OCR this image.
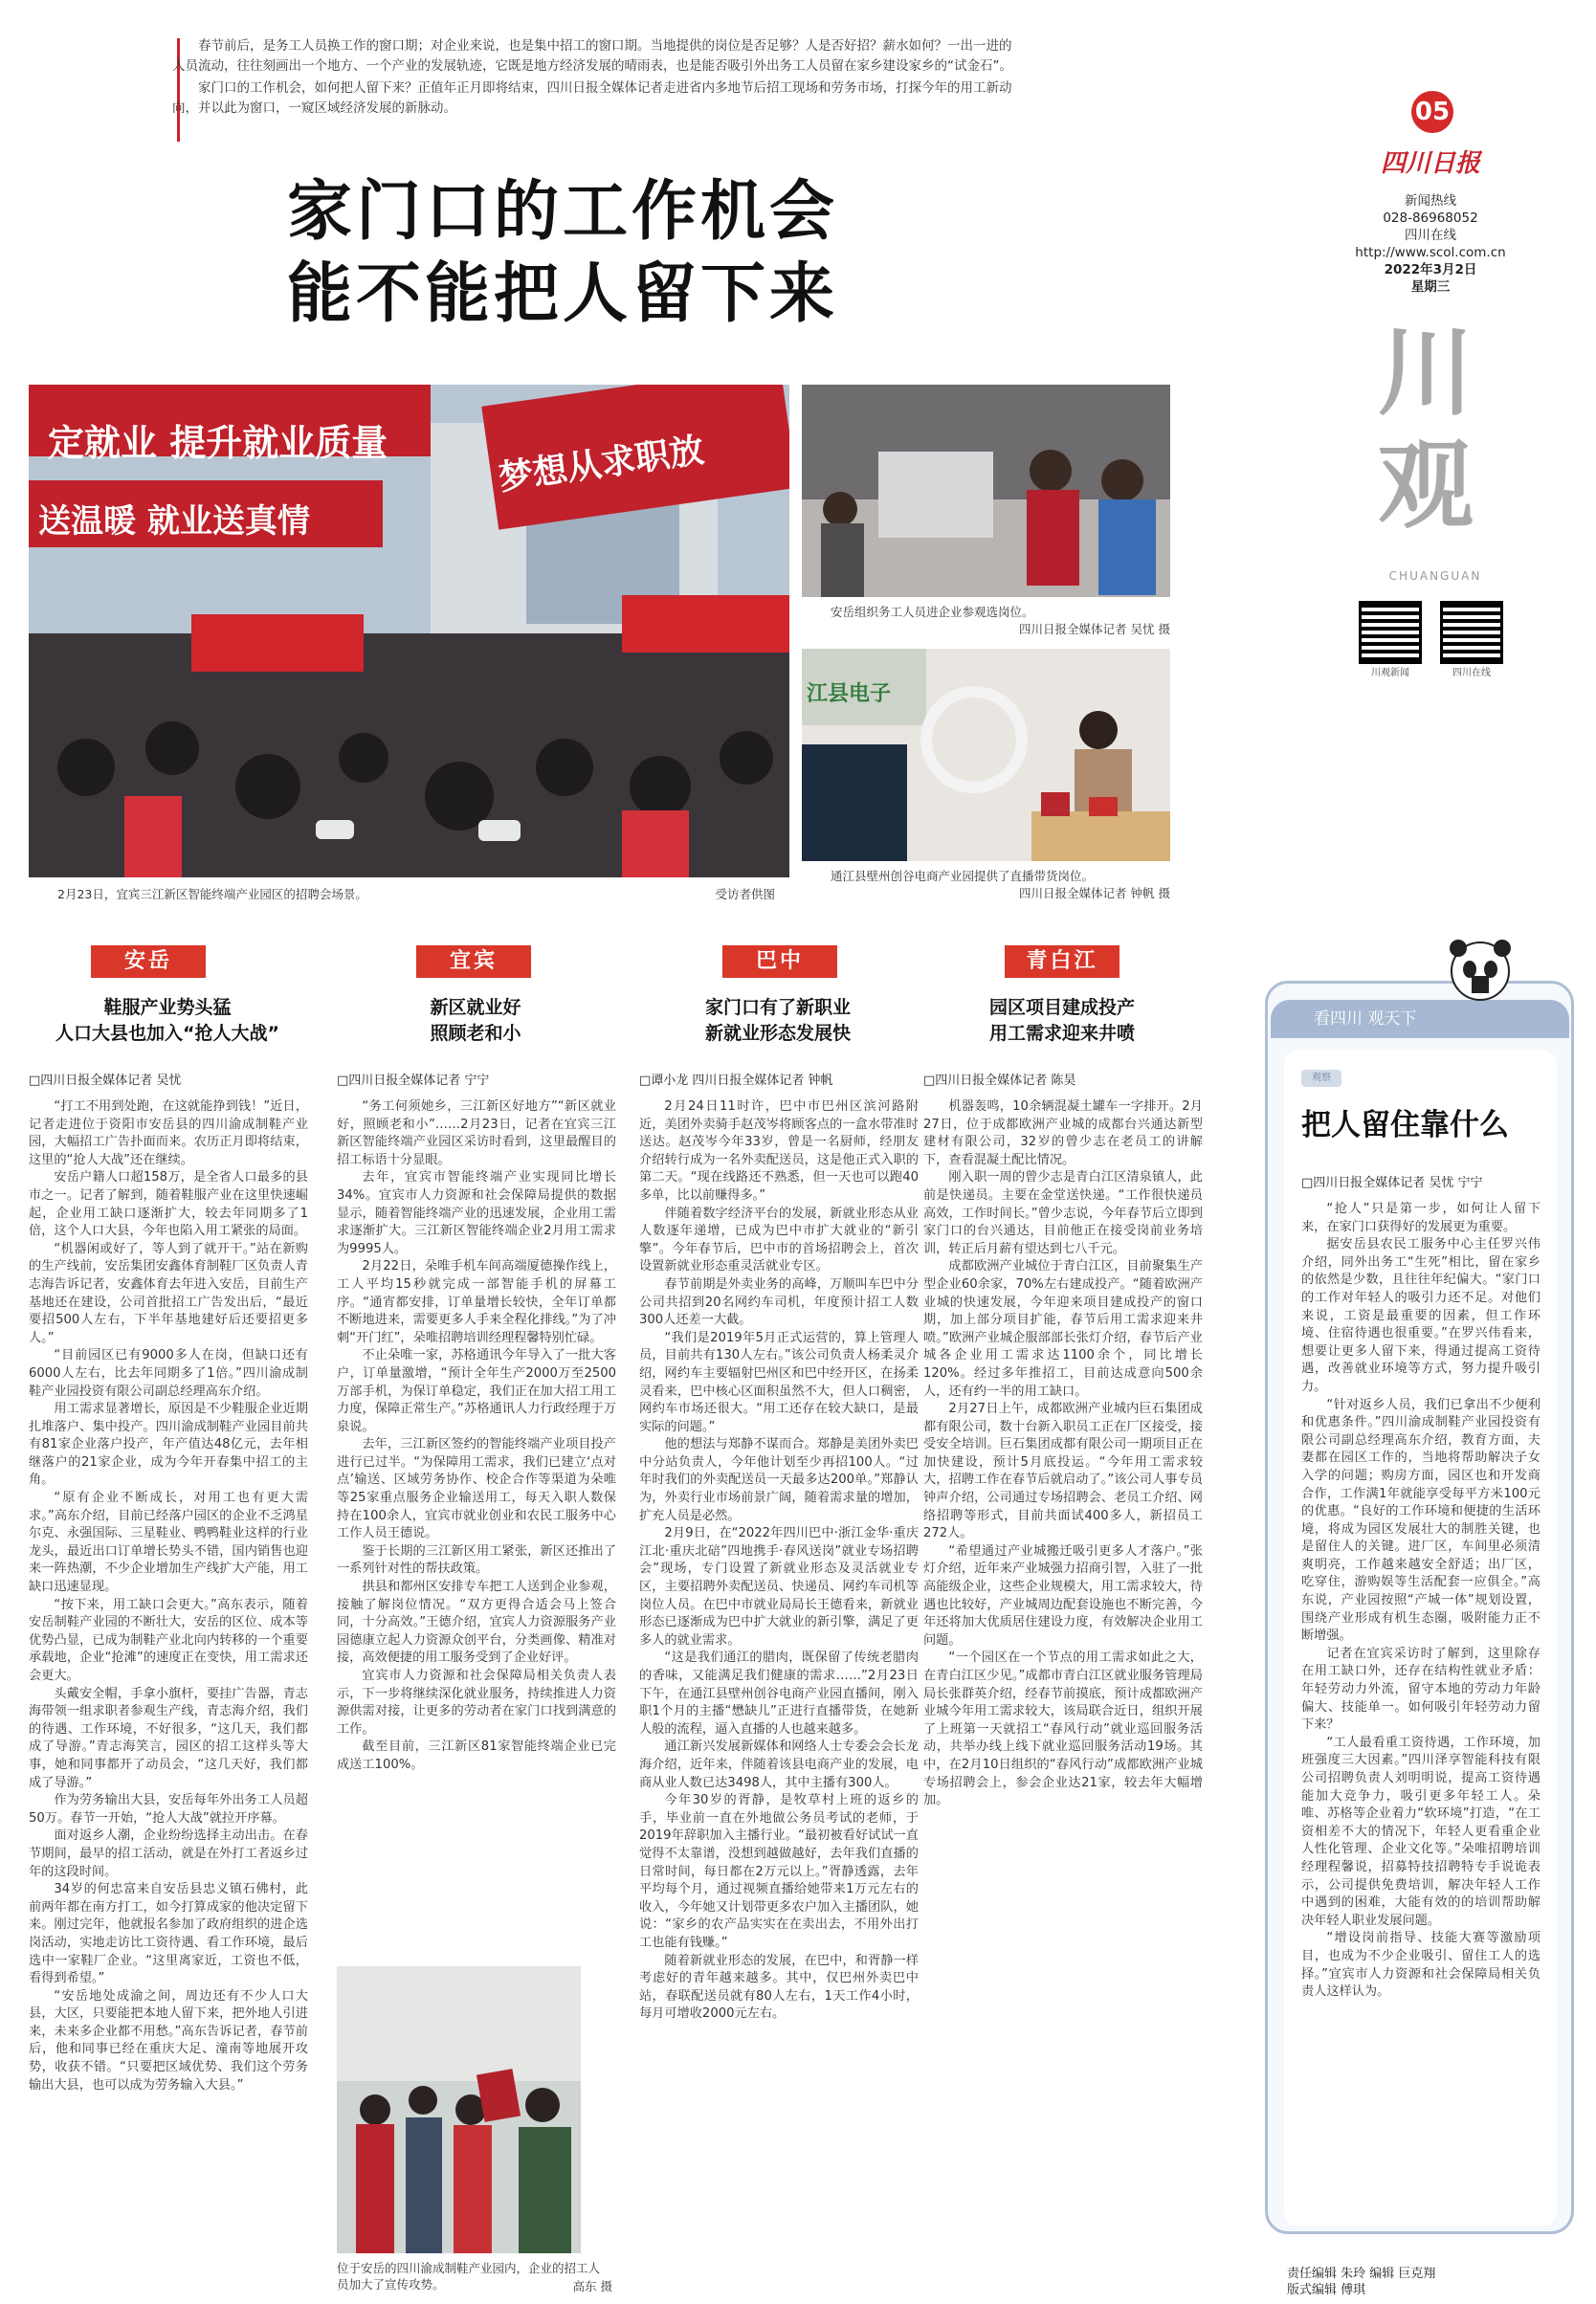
春节前后，是务工人员换工作的窗口期；对企业来说，也是集中招工的窗口期。当地提供的岗位是否足够？人是否好招？薪水如何？一出一进的人员流动，往往刻画出一个地方、一个产业的发展轨迹，它既是地方经济发展的晴雨表，也是能否吸引外出务工人员留在家乡建设家乡的“试金石”。

家门口的工作机会，如何把人留下来？正值年正月即将结束，四川日报全媒体记者走进省内多地节后招工现场和劳务市场，打探今年的用工新动向，并以此为窗口，一窥区域经济发展的新脉动。

家门口的工作机会
能不能把人留下来
05
四川日报
新闻热线
028-86968052
四川在线
http://www.scol.com.cn
2022年3月2日
星期三
川观
CHUANGUAN
川观新闻	四川在线
定就业 提升就业质量
送温暖 就业送真情
梦想从求职放
2月23日，宜宾三江新区智能终端产业园区的招聘会场景。	受访者供图
安岳组织务工人员进企业参观选岗位。
四川日报全媒体记者 吴忧 摄
江县电子
通江县壁州创谷电商产业园提供了直播带货岗位。
四川日报全媒体记者 钟帆 摄
安岳	宜宾	巴中	青白江
鞋服产业势头猛
人口大县也加入“抢人大战”
新区就业好
照顾老和小
家门口有了新职业
新就业形态发展快
园区项目建成投产
用工需求迎来井喷
□四川日报全媒体记者 吴忧	□四川日报全媒体记者 宁宁	□谭小龙 四川日报全媒体记者 钟帆	□四川日报全媒体记者 陈昊

“打工不用到处跑，在这就能挣到钱！”近日，记者走进位于资阳市安岳县的四川渝成制鞋产业园，大幅招工广告扑面而来。农历正月即将结束，这里的“抢人大战”还在继续。

安岳户籍人口超158万，是全省人口最多的县市之一。记者了解到，随着鞋服产业在这里快速崛起，企业用工缺口逐渐扩大，较去年同期多了1倍，这个人口大县，今年也陷入用工紧张的局面。

“机器闲或好了，等人到了就开干。”站在新购的生产线前，安岳集团安鑫体育制鞋厂区负责人青志海告诉记者，安鑫体育去年进入安岳，目前生产基地还在建设，公司首批招工广告发出后，“最近要招500人左右，下半年基地建好后还要招更多人。”

“目前园区已有9000多人在岗，但缺口还有6000人左右，比去年同期多了1倍。”四川渝成制鞋产业园投资有限公司副总经理高东介绍。

用工需求显著增长，原因是不少鞋服企业近期扎堆落户、集中投产。四川渝成制鞋产业园目前共有81家企业落户投产，年产值达48亿元，去年相继落户的21家企业，成为今年开春集中招工的主角。

“原有企业不断成长，对用工也有更大需求。”高东介绍，目前已经落户园区的企业不乏鸿星尔克、永强国际、三星鞋业、鸭鸭鞋业这样的行业龙头，最近出口订单增长势头不错，国内销售也迎来一阵热潮，不少企业增加生产线扩大产能，用工缺口迅速显现。

“按下来，用工缺口会更大。”高东表示，随着安岳制鞋产业园的不断壮大，安岳的区位、成本等优势凸显，已成为制鞋产业北向内转移的一个重要承载地，企业“抢滩”的速度正在变快，用工需求还会更大。

头戴安全帽，手拿小旗杆，要挂广告器，青志海带领一组求职者参观生产线，青志海介绍，我们的待遇、工作环境，不好很多，“这几天，我们都成了导游。”青志海笑言，园区的招工这样头等大事，她和同事都开了动员会，“这几天好，我们都成了导游。”

作为劳务输出大县，安岳每年外出务工人员超50万。春节一开始，“抢人大战”就拉开序幕。

面对返乡人潮，企业纷纷选择主动出击。在春节期间，最早的招工活动，就是在外打工者返乡过年的这段时间。

34岁的何忠富来自安岳县忠义镇石佛村，此前两年都在南方打工，如今打算成家的他决定留下来。刚过完年，他就报名参加了政府组织的进企选岗活动，实地走访比工资待遇、看工作环境，最后选中一家鞋厂企业。“这里离家近，工资也不低，看得到希望。”

“安岳地处成渝之间，周边还有不少人口大县，大区，只要能把本地人留下来，把外地人引进来，未来多企业都不用愁。”高东告诉记者，春节前后，他和同事已经在重庆大足、潼南等地展开攻势，收获不错。“只要把区域优势、我们这个劳务输出大县，也可以成为劳务输入大县。”

“务工何须她乡，三江新区好地方”“新区就业好，照顾老和小”……2月23日，记者在宜宾三江新区智能终端产业园区采访时看到，这里最醒目的招工标语十分显眼。

去年，宜宾市智能终端产业实现同比增长34%。宜宾市人力资源和社会保障局提供的数据显示，随着智能终端产业的迅速发展，企业用工需求逐渐扩大。三江新区智能终端企业2月用工需求为9995人。

2月22日，朵唯手机车间高端厦德操作线上，工人平均15秒就完成一部智能手机的屏幕工序。“通宵都安排，订单量增长较快，全年订单都不断地进来，需要更多人手来全程化排线。”为了冲刺“开门红”，朵唯招聘培训经理程馨特别忙碌。

不止朵唯一家，苏格通讯今年导入了一批大客户，订单量激增，“预计全年生产2000万至2500万部手机，为保订单稳定，我们正在加大招工用工力度，保障正常生产。”苏格通讯人力行政经理于万泉说。

去年，三江新区签约的智能终端产业项目投产进行已过半。“为保障用工需求，我们已建立‘点对点’输送、区域劳务协作、校企合作等渠道为朵唯等25家重点服务企业输送用工，每天入职人数保持在100余人，宜宾市就业创业和农民工服务中心工作人员王德说。

鉴于长期的三江新区用工紧张，新区还推出了一系列针对性的帮扶政策。

拱县和都州区安排专车把工人送到企业参观，接触了解岗位情况。“双方更得合适会马上签合同，十分高效。”王德介绍，宜宾人力资源服务产业园德康立起人力资源众创平台，分类画像、精准对接，高效便捷的用工服务受到了企业好评。

宜宾市人力资源和社会保障局相关负责人表示，下一步将继续深化就业服务，持续推进人力资源供需对接，让更多的劳动者在家门口找到满意的工作。

截至目前，三江新区81家智能终端企业已完成送工100%。

2月24日11时许，巴中市巴州区滨河路附近，美团外卖骑手赵茂岑将顾客点的一盒水带准时送达。赵茂岑今年33岁，曾是一名厨师，经朋友介绍转行成为一名外卖配送员，这是他正式入职的第二天。“现在线路还不熟悉，但一天也可以跑40多单，比以前赚得多。”

伴随着数字经济平台的发展，新就业形态从业人数逐年递增，已成为巴中市扩大就业的“新引擎”。今年春节后，巴中市的首场招聘会上，首次设置新就业形态重灵活就业专区。

春节前期是外卖业务的高峰，万顺叫车巴中分公司共招到20名网约车司机，年度预计招工人数300人还差一大截。

“我们是2019年5月正式运营的，算上管理人员，目前共有130人左右。”该公司负责人杨柔灵介绍，网约车主要辐射巴州区和巴中经开区，在扬柔灵看来，巴中核心区面积虽然不大，但人口稠密，网约车市场还很大。“用工还存在较大缺口，是最实际的问题。”

他的想法与郑静不谋而合。郑静是美团外卖巴中分站负责人，今年他计划至少再招100人。“过年时我们的外卖配送员一天最多达200单。”郑静认为，外卖行业市场前景广阔，随着需求量的增加，扩充人员是必然。

2月9日，在“2022年四川巴中·浙江金华·重庆江北·重庆北碚”四地携手·春风送岗”就业专场招聘会”现场，专门设置了新就业形态及灵活就业专区，主要招聘外卖配送员、快递员、网约车司机等岗位人员。在巴中市就业局局长王德看来，新就业形态已逐渐成为巴中扩大就业的新引擎，满足了更多人的就业需求。

“这是我们通江的腊肉，既保留了传统老腊肉的香味，又能满足我们健康的需求……”2月23日下午，在通江县壁州创谷电商产业园直播间，刚入职1个月的主播“懋缺儿”正进行直播带货，在她新人般的流程，逼入直播的人也越来越多。

通江新兴发展新媒体和网络人士专委会会长龙海介绍，近年来，伴随着该县电商产业的发展，电商从业人数已达3498人，其中主播有300人。

今年30岁的胥静，是牧草村上班的返乡的手，毕业前一直在外地做公务员考试的老师，于2019年辞职加入主播行业。“最初被看好试试一直觉得不太靠谱，没想到越做越好，去年我们直播的日常时间，每日都在2万元以上。”胥静透露，去年平均每个月，通过视频直播给她带来1万元左右的收入，今年她又计划带更多农户加入主播团队，她说：“家乡的农产品实实在在卖出去，不用外出打工也能有钱赚。”

随着新就业形态的发展，在巴中，和胥静一样考虑好的青年越来越多。其中，仅巴州外卖巴中站，春联配送员就有80人左右，1天工作4小时，每月可增收2000元左右。

机器轰鸣，10余辆混凝土罐车一字排开。2月27日，位于成都欧洲产业城的成都台兴通达新型建材有限公司，32岁的曾少志在老员工的讲解下，查看混凝土配比情况。

刚入职一周的曾少志是青白江区清泉镇人，此前是快递员。主要在金堂送快递。“工作很快递员高效，工作时间长。”曾少志说，今年春节后立即到家门口的台兴通达，目前他正在接受岗前业务培训，转正后月薪有望达到七八千元。

成都欧洲产业城位于青白江区，目前聚集生产型企业60余家，70%左右建成投产。“随着欧洲产业城的快速发展，今年迎来项目建成投产的窗口期，加上部分项目扩能，春节后用工需求迎来井喷。”欧洲产业城企服部部长张灯介绍，春节后产业城各企业用工需求达1100余个，同比增长120%。经过多年推招工，目前达成意向500余人，还有约一半的用工缺口。

2月27日上午，成都欧洲产业城内巨石集团成都有限公司，数十台新入职员工正在厂区接受，接受安全培训。巨石集团成都有限公司一期项目正在加快建设，预计5月底投运。“今年用工需求较大，招聘工作在春节后就启动了。”该公司人事专员钟声介绍，公司通过专场招聘会、老员工介绍、网络招聘等形式，目前共面试400多人，新招员工272人。

“希望通过产业城搬迁吸引更多人才落户。”张灯介绍，近年来产业城强力招商引智，入驻了一批高能级企业，这些企业规模大，用工需求较大，待遇也比较好，产业城周边配套设施也不断完善，今年还将加大优质居住建设力度，有效解决企业用工问题。

“一个园区在一个节点的用工需求如此之大，在青白江区少见。”成都市青白江区就业服务管理局局长张群英介绍，经春节前摸底，预计成都欧洲产业城今年用工需求较大，该局联合近日，组织开展了上班第一天就招工“春风行动”就业巡回服务活动，共举办线上线下就业巡回服务活动19场。其中，在2月10日组织的“春风行动”成都欧洲产业城专场招聘会上，参会企业达21家，较去年大幅增加。

位于安岳的四川渝成制鞋产业园内，企业的招工人员加大了宣传攻势。	高东 摄
看四川 观天下
观察
把人留住靠什么
□四川日报全媒体记者 吴忧 宁宁

“抢人”只是第一步，如何让人留下来，在家门口获得好的发展更为重要。

据安岳县农民工服务中心主任罗兴伟介绍，同外出务工“生死”相比，留在家乡的依然是少数，且往往年纪偏大。“家门口的工作对年轻人的吸引力还不足。对他们来说，工资是最重要的因素，但工作环境、住宿待遇也很重要。”在罗兴伟看来，想要让更多人留下来，得通过提高工资待遇，改善就业环境等方式，努力提升吸引力。

“针对返乡人员，我们已拿出不少便利和优惠条件。”四川渝成制鞋产业园投资有限公司副总经理高东介绍，教育方面，夫妻都在园区工作的，当地将帮助解决子女入学的问题；购房方面，园区也和开发商合作，工作满1年就能享受每平方米100元的优惠。“良好的工作环境和便捷的生活环境，将成为园区发展壮大的制胜关键，也是留住人的关键。进厂区，车间里必须清爽明亮，工作越来越安全舒适；出厂区，吃穿住，游购娱等生活配套一应俱全。”高东说，产业园按照“产城一体”规划设置，围绕产业形成有机生态圈，吸附能力正不断增强。

记者在宜宾采访时了解到，这里除存在用工缺口外，还存在结构性就业矛盾：年轻劳动力外流，留守本地的劳动力年龄偏大、技能单一。如何吸引年轻劳动力留下来？

“工人最看重工资待遇，工作环境，加班强度三大因素。”四川泽享智能科技有限公司招聘负责人刘明明说，提高工资待遇能加大竞争力，吸引更多年轻工人。朵唯、苏格等企业着力“软环境”打造，“在工资相差不大的情况下，年轻人更看重企业人性化管理、企业文化等。”朵唯招聘培训经理程馨说，招募特技招聘特专手说诡表示，公司提供免费培训，解决年轻人工作中遇到的困难，大能有效的的培训帮助解决年轻人职业发展问题。

“增设岗前指导、技能大赛等激励项目，也成为不少企业吸引、留住工人的选择。”宜宾市人力资源和社会保障局相关负责人这样认为。

责任编辑 朱玲 编辑 巨克翔
版式编辑 傅琪
